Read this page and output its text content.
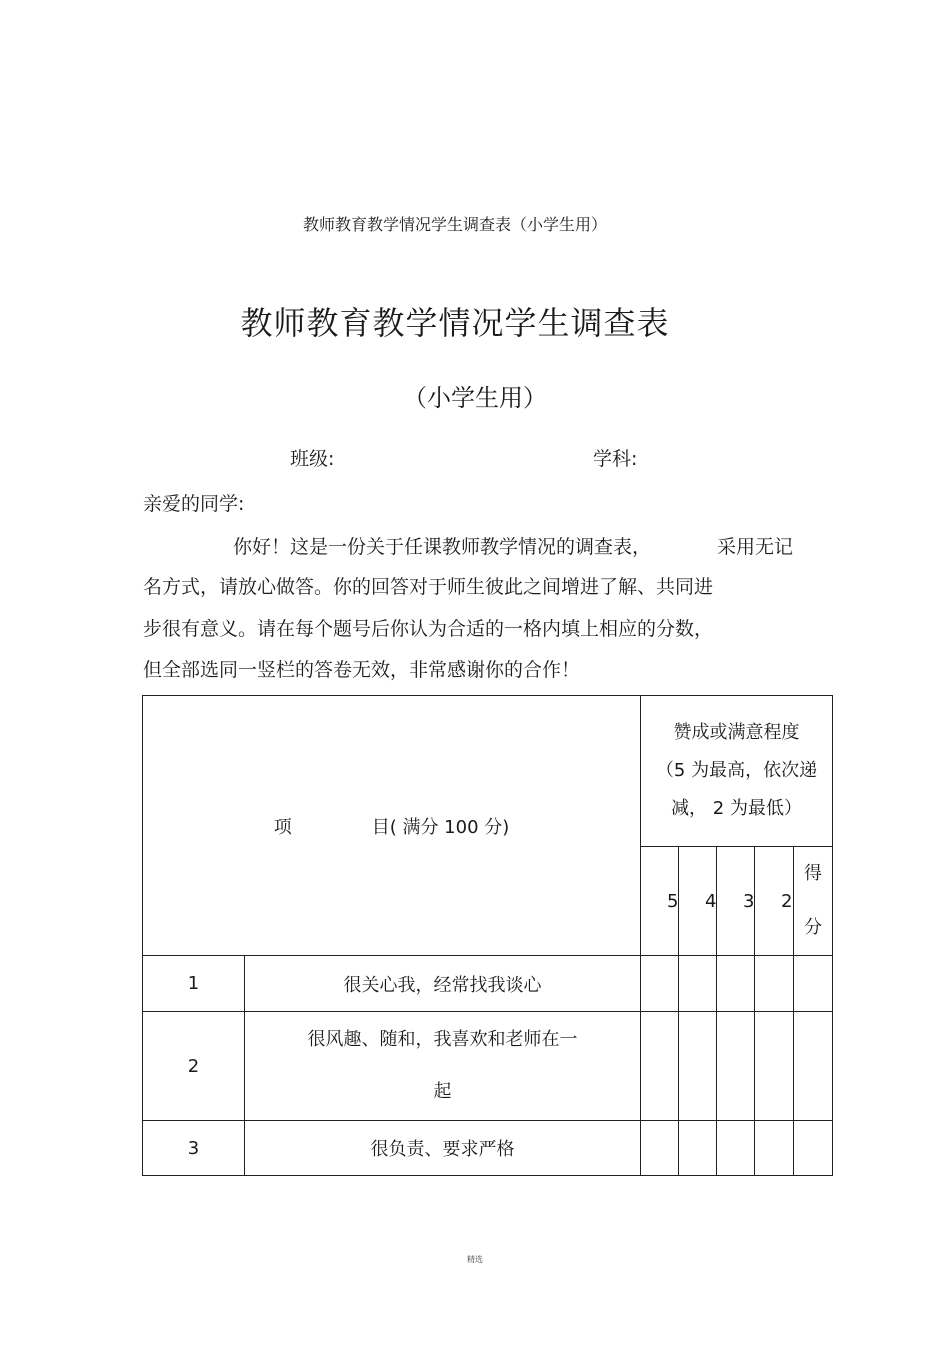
教师教育教学情况学生调查表（小学生用）
教师教育教学情况学生调查表
（小学生用）
班级:	学科:
亲爱的同学:
你好！这是一份关于任课教师教学情况的调查表，	采用无记
名方式，请放心做答。你的回答对于师生彼此之间增进了解、共同进
步很有意义。请在每个题号后你认为合适的一格内填上相应的分数，
但全部选同一竖栏的答卷无效，非常感谢你的合作！
项 目( 满分 100 分)		赞成或满意程度
（5 为最高，依次递
减， 2 为最低）				

		5	4	3	2	得
分

1	很关心我，经常找我谈心					
2	很风趣、随和，我喜欢和老师在一
起					

3	很负责、要求严格					
精选
